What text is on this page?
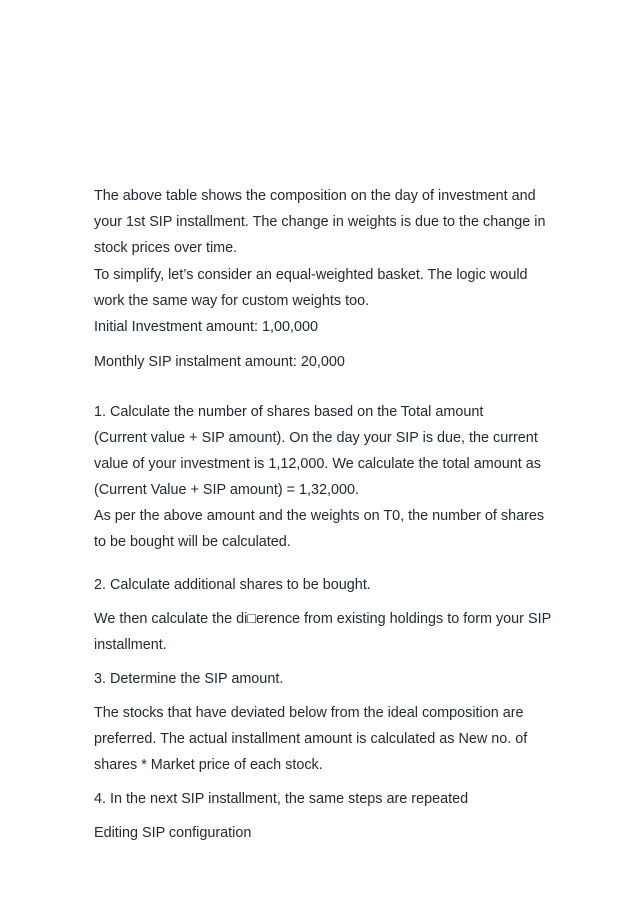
The above table shows the composition on the day of investment and
your 1st SIP installment. The change in weights is due to the change in
stock prices over time.
To simplify, let’s consider an equal-weighted basket. The logic would
work the same way for custom weights too.
Initial Investment amount: 1,00,000
Monthly SIP instalment amount: 20,000
1. Calculate the number of shares based on the Total amount
(Current value + SIP amount). On the day your SIP is due, the current
value of your investment is 1,12,000. We calculate the total amount as
(Current Value + SIP amount) = 1,32,000.
As per the above amount and the weights on T0, the number of shares
to be bought will be calculated.
2. Calculate additional shares to be bought.
We then calculate the di□erence from existing holdings to form your SIP
installment.
3. Determine the SIP amount.
The stocks that have deviated below from the ideal composition are
preferred. The actual installment amount is calculated as New no. of
shares * Market price of each stock.
4. In the next SIP installment, the same steps are repeated
Editing SIP configuration
